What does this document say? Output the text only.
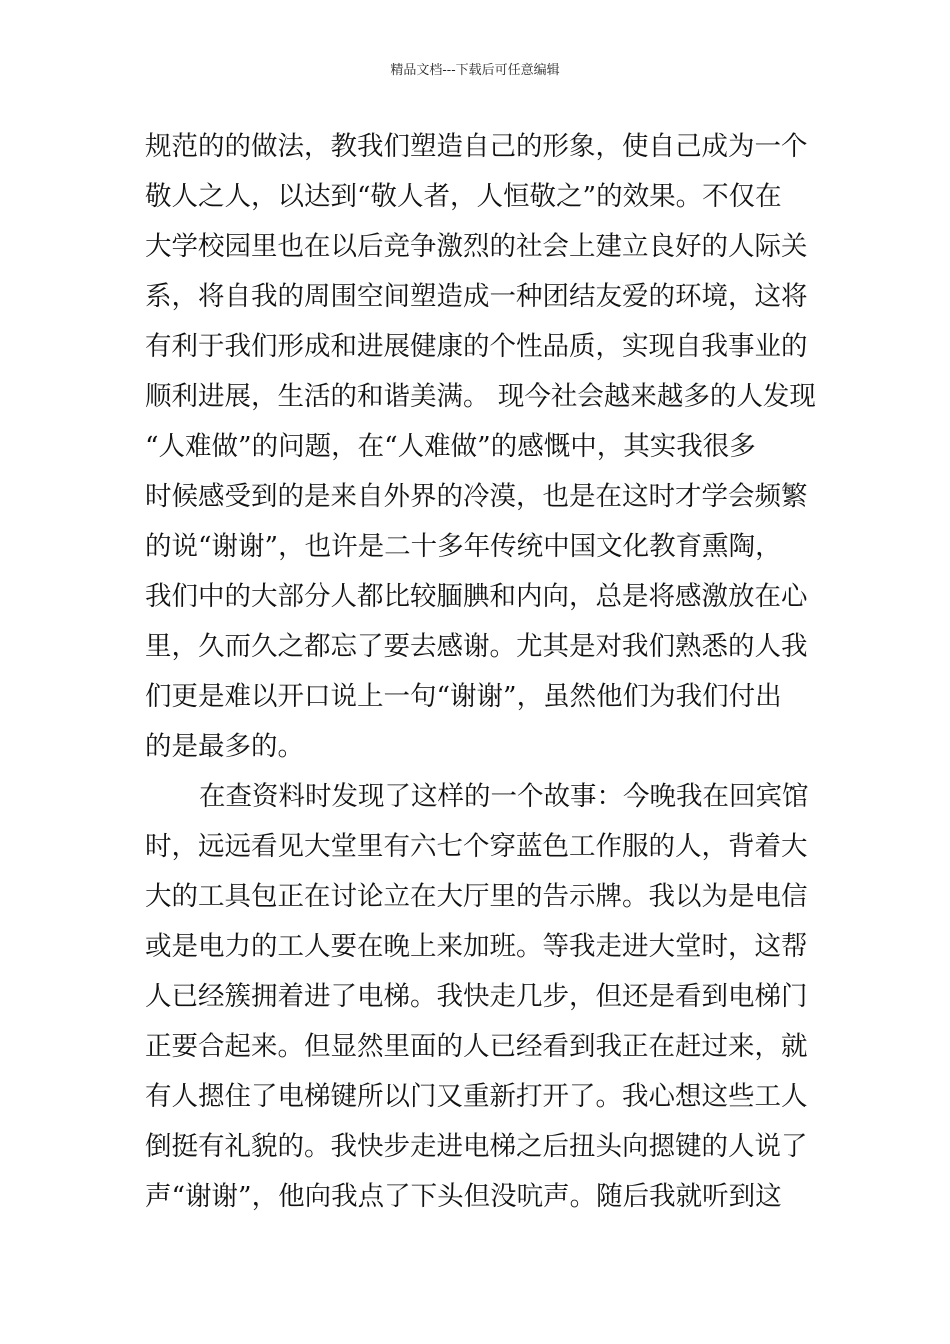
精品文档---下载后可任意编辑
规范的的做法，教我们塑造自己的形象，使自己成为一个
敬人之人，以达到“敬人者，人恒敬之”的效果。不仅在
大学校园里也在以后竞争激烈的社会上建立良好的人际关
系，将自我的周围空间塑造成一种团结友爱的环境，这将
有利于我们形成和进展健康的个性品质，实现自我事业的
顺利进展，生活的和谐美满。 现今社会越来越多的人发现
“人难做”的问题，在“人难做”的感慨中，其实我很多
时候感受到的是来自外界的冷漠，也是在这时才学会频繁
的说“谢谢”，也许是二十多年传统中国文化教育熏陶，
我们中的大部分人都比较腼腆和内向，总是将感激放在心
里，久而久之都忘了要去感谢。尤其是对我们熟悉的人我
们更是难以开口说上一句“谢谢”，虽然他们为我们付出
的是最多的。
在查资料时发现了这样的一个故事：今晚我在回宾馆
时，远远看见大堂里有六七个穿蓝色工作服的人，背着大
大的工具包正在讨论立在大厅里的告示牌。我以为是电信
或是电力的工人要在晚上来加班。等我走进大堂时，这帮
人已经簇拥着进了电梯。我快走几步，但还是看到电梯门
正要合起来。但显然里面的人已经看到我正在赶过来，就
有人摁住了电梯键所以门又重新打开了。我心想这些工人
倒挺有礼貌的。我快步走进电梯之后扭头向摁键的人说了
声“谢谢”，他向我点了下头但没吭声。随后我就听到这
